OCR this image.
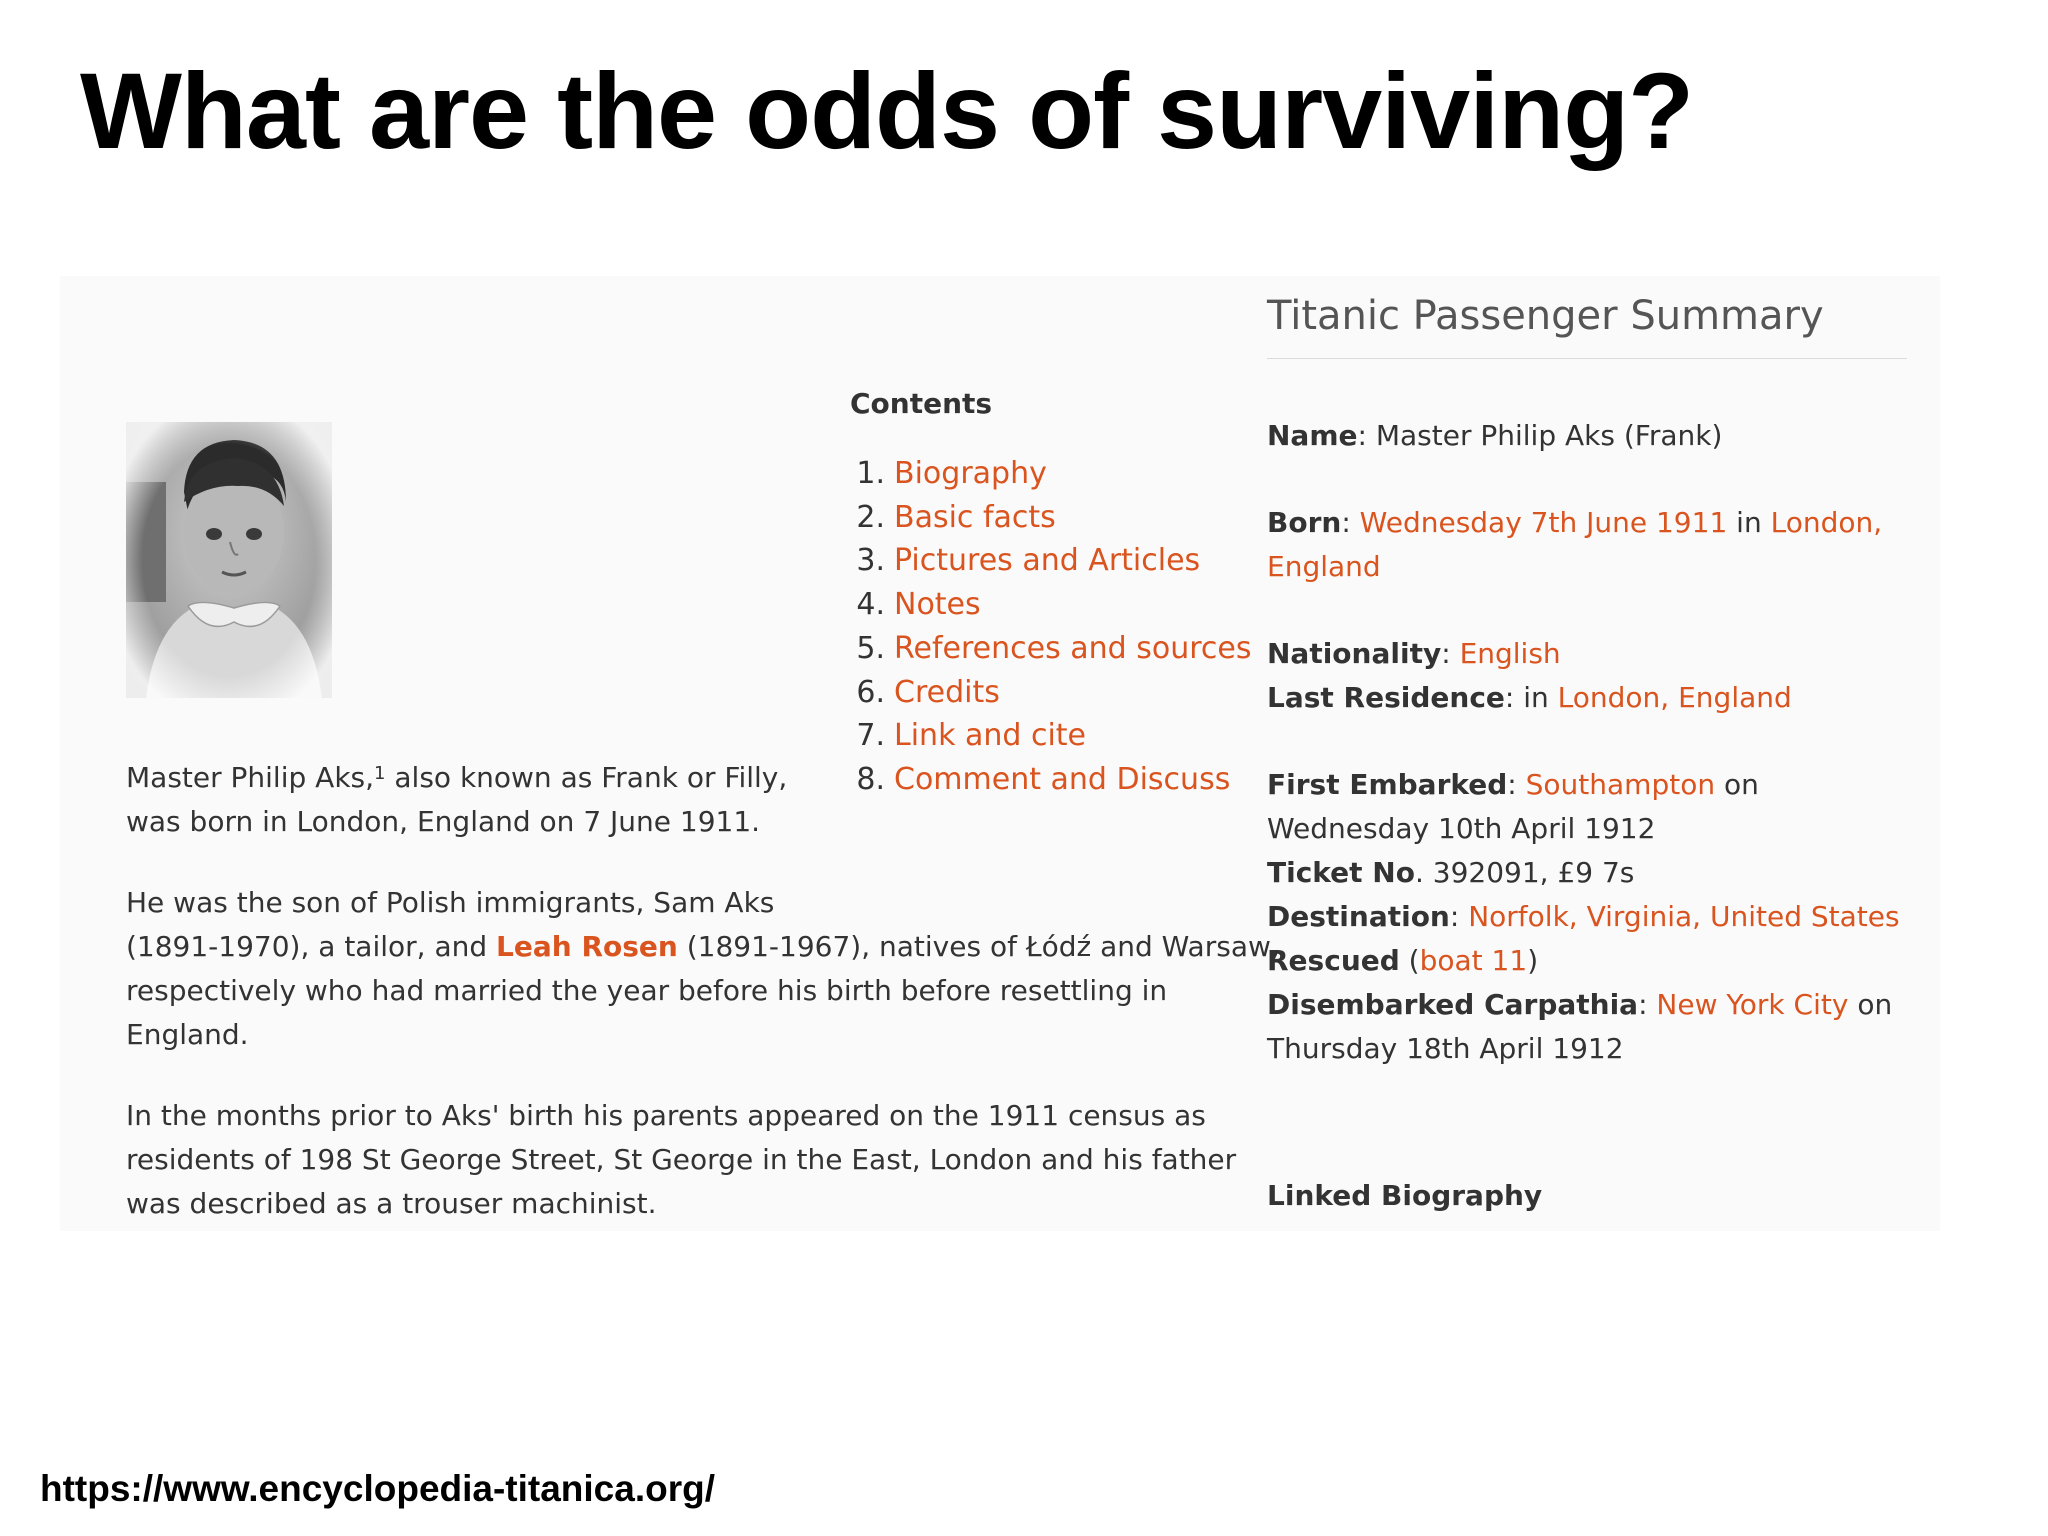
What are the odds of surviving?

Master Philip Aks,$^1$ also known as Frank or Filly, was born in London, England on 7 June 1911.

He was the son of Polish immigrants, Sam Aks
(1891-1970), a tailor, and Leah Rosen (1891-1967), natives of Łódź and Warsaw, respectively who had married the year before his birth before resettling in England.

In the months prior to Aks' birth his parents appeared on the 1911 census as residents of 198 St George Street, St George in the East, London and his father was described as a trouser machinist.

Contents
1. Biography
2. Basic facts
3. Pictures and Articles
4. Notes
5. References and sources
6. Credits
7. Link and cite
8. Comment and Discuss
Titanic Passenger Summary
Name: Master Philip Aks (Frank)
Born: Wednesday 7th June 1911 in London, England
Nationality: English
Last Residence: in London, England
First Embarked: Southampton on Wednesday 10th April 1912
Ticket No. 392091, £9 7s
Destination: Norfolk, Virginia, United States
Rescued (boat 11)
Disembarked Carpathia: New York City on Thursday 18th April 1912
Linked Biography
https://www.encyclopedia-titanica.org/
